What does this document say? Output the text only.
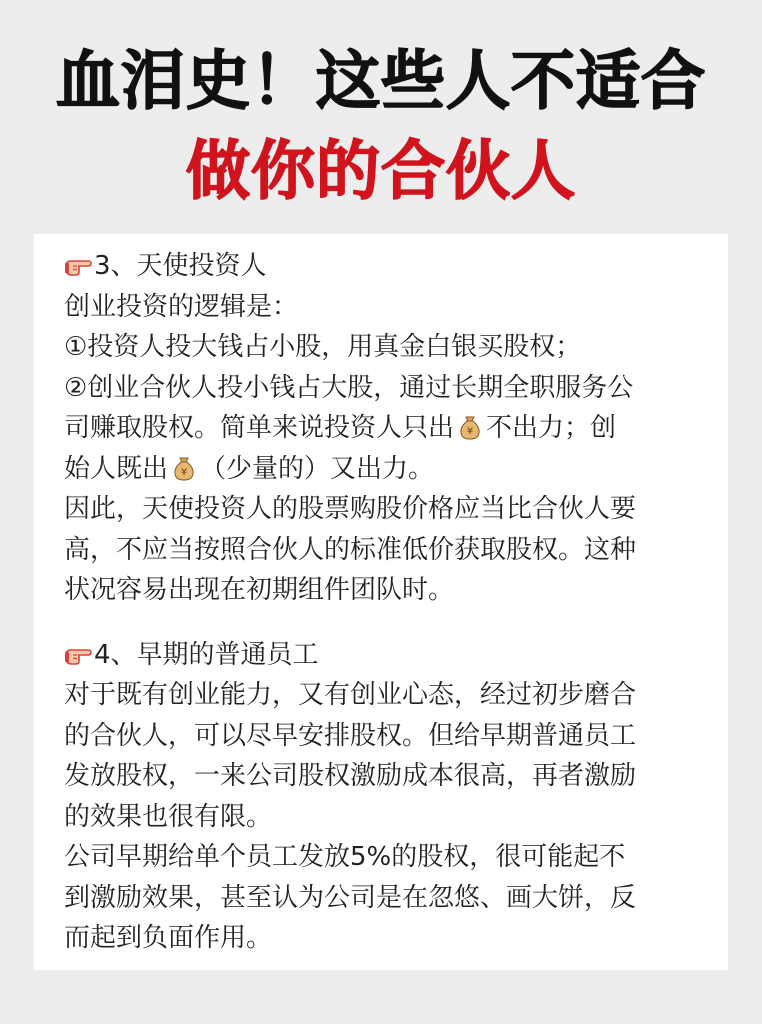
血泪史！这些人不适合
做你的合伙人
3、天使投资人
创业投资的逻辑是：
①投资人投大钱占小股，用真金白银买股权；
②创业合伙人投小钱占大股，通过长期全职服务公
司赚取股权。简单来说投资人只出 ¥ 不出力；创
始人既出 ¥ （少量的）又出力。
因此，天使投资人的股票购股价格应当比合伙人要
高，不应当按照合伙人的标准低价获取股权。这种
状况容易出现在初期组件团队时。
4、早期的普通员工
对于既有创业能力，又有创业心态，经过初步磨合
的合伙人，可以尽早安排股权。但给早期普通员工
发放股权，一来公司股权激励成本很高，再者激励
的效果也很有限。
公司早期给单个员工发放5%的股权，很可能起不
到激励效果，甚至认为公司是在忽悠、画大饼，反
而起到负面作用。
